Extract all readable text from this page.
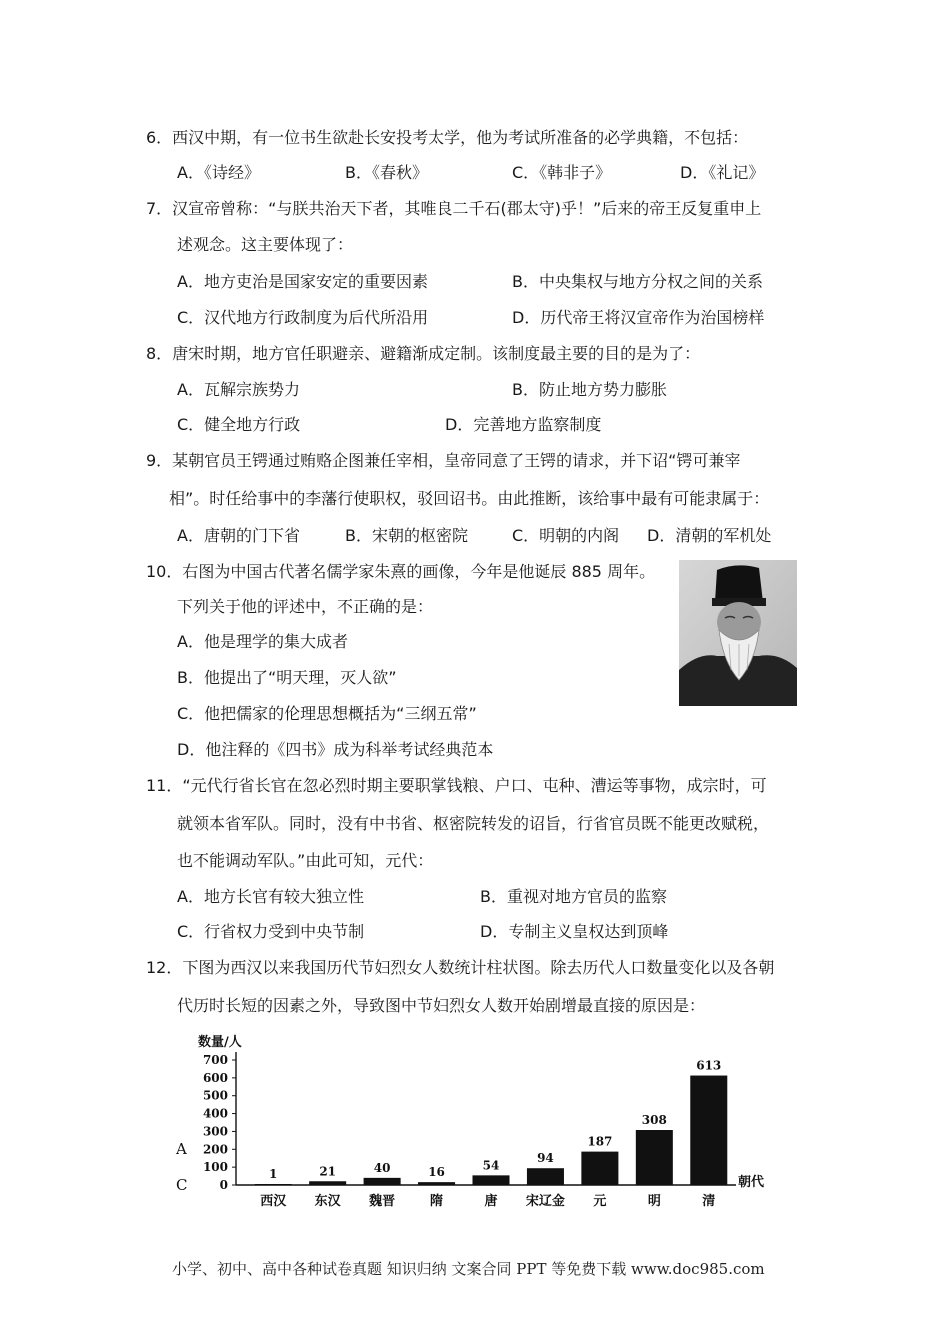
6．西汉中期，有一位书生欲赴长安投考太学，他为考试所准备的必学典籍，不包括：
A．《诗经》	B．《春秋》	C．《韩非子》	D．《礼记》
7．汉宣帝曾称：“与朕共治天下者，其唯良二千石(郡太守)乎！”后来的帝王反复重申上
述观念。这主要体现了：
A．地方吏治是国家安定的重要因素	B．中央集权与地方分权之间的关系
C．汉代地方行政制度为后代所沿用	D．历代帝王将汉宣帝作为治国榜样
8．唐宋时期，地方官任职避亲、避籍渐成定制。该制度最主要的目的是为了：
A．瓦解宗族势力	B．防止地方势力膨胀
C．健全地方行政	D．完善地方监察制度
9．某朝官员王锷通过贿赂企图兼任宰相，皇帝同意了王锷的请求，并下诏“锷可兼宰
相”。时任给事中的李藩行使职权，驳回诏书。由此推断，该给事中最有可能隶属于：
A．唐朝的门下省	B．宋朝的枢密院	C．明朝的内阁 D．清朝的军机处
10．右图为中国古代著名儒学家朱熹的画像，今年是他诞辰 885 周年。
下列关于他的评述中，不正确的是：
A．他是理学的集大成者
B．他提出了“明天理，灭人欲”
C．他把儒家的伦理思想概括为“三纲五常”
D．他注释的《四书》成为科举考试经典范本
11．“元代行省长官在忽必烈时期主要职掌钱粮、户口、屯种、漕运等事物，成宗时，可
就领本省军队。同时，没有中书省、枢密院转发的诏旨，行省官员既不能更改赋税，
也不能调动军队。”由此可知，元代：
A．地方长官有较大独立性	B．重视对地方官员的监察
C．行省权力受到中央节制	D．专制主义皇权达到顶峰
12．下图为西汉以来我国历代节妇烈女人数统计柱状图。除去历代人口数量变化以及各朝
代历时长短的因素之外，导致图中节妇烈女人数开始剧增最直接的原因是：
数量/人
朝代
A
C	0
100
200
300
400
500
600
700
1	21	40	16	54
94
187
308
613
西汉 东汉 魏晋	隋	唐 宋辽金 元	明	清
小学、初中、高中各种试卷真题 知识归纳 文案合同 PPT 等免费下载 www.doc985.com
